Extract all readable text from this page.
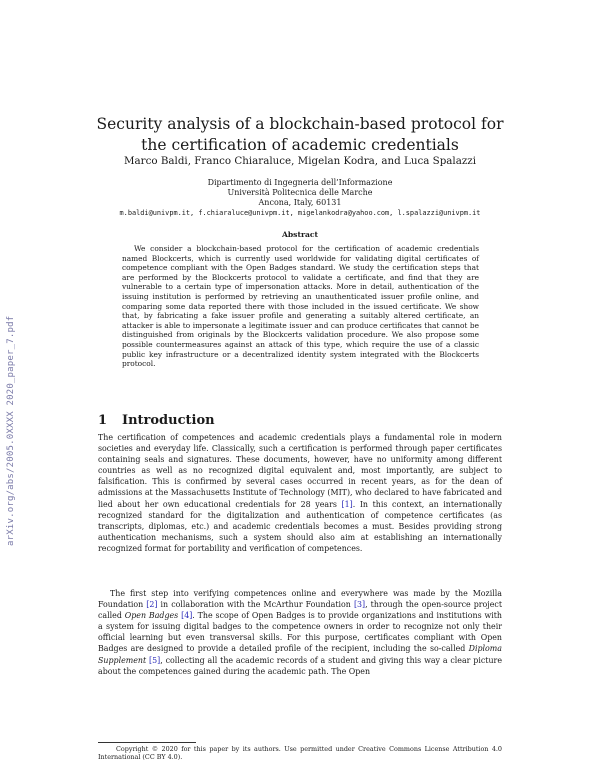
arXiv.org/abs/2005.0XXXX 2020_paper_7.pdf
Security analysis of a blockchain-based protocol for the certification of academic credentials
Marco Baldi, Franco Chiaraluce, Migelan Kodra, and Luca Spalazzi
Dipartimento di Ingegneria dell’Informazione
Università Politecnica delle Marche
Ancona, Italy, 60131
m.baldi@univpm.it, f.chiaraluce@univpm.it, migelankodra@yahoo.com, l.spalazzi@univpm.it
Abstract

We consider a blockchain-based protocol for the certification of academic credentials named Blockcerts, which is currently used worldwide for validating digital certificates of competence compliant with the Open Badges standard. We study the certification steps that are performed by the Blockcerts protocol to validate a certificate, and find that they are vulnerable to a certain type of impersonation attacks. More in detail, authentication of the issuing institution is performed by retrieving an unauthenticated issuer profile online, and comparing some data reported there with those included in the issued certificate. We show that, by fabricating a fake issuer profile and generating a suitably altered certificate, an attacker is able to impersonate a legitimate issuer and can produce certificates that cannot be distinguished from originals by the Blockcerts validation procedure. We also propose some possible countermeasures against an attack of this type, which require the use of a classic public key infrastructure or a decentralized identity system integrated with the Blockcerts protocol.

1 Introduction

The certification of competences and academic credentials plays a fundamental role in modern societies and everyday life. Classically, such a certification is performed through paper certificates containing seals and signatures. These documents, however, have no uniformity among different countries as well as no recognized digital equivalent and, most importantly, are subject to falsification. This is confirmed by several cases occurred in recent years, as for the dean of admissions at the Massachusetts Institute of Technology (MIT), who declared to have fabricated and lied about her own educational credentials for 28 years [1]. In this context, an internationally recognized standard for the digitalization and authentication of competence certificates (as transcripts, diplomas, etc.) and academic credentials becomes a must. Besides providing strong authentication mechanisms, such a system should also aim at establishing an internationally recognized format for portability and verification of competences.

The first step into verifying competences online and everywhere was made by the Mozilla Foundation [2] in collaboration with the McArthur Foundation [3], through the open-source project called Open Badges [4]. The scope of Open Badges is to provide organizations and institutions with a system for issuing digital badges to the competence owners in order to recognize not only their official learning but even transversal skills. For this purpose, certificates compliant with Open Badges are designed to provide a detailed profile of the recipient, including the so-called Diploma Supplement [5], collecting all the academic records of a student and giving this way a clear picture about the competences gained during the academic path. The Open

Copyright © 2020 for this paper by its authors. Use permitted under Creative Commons License Attribution 4.0 International (CC BY 4.0).
